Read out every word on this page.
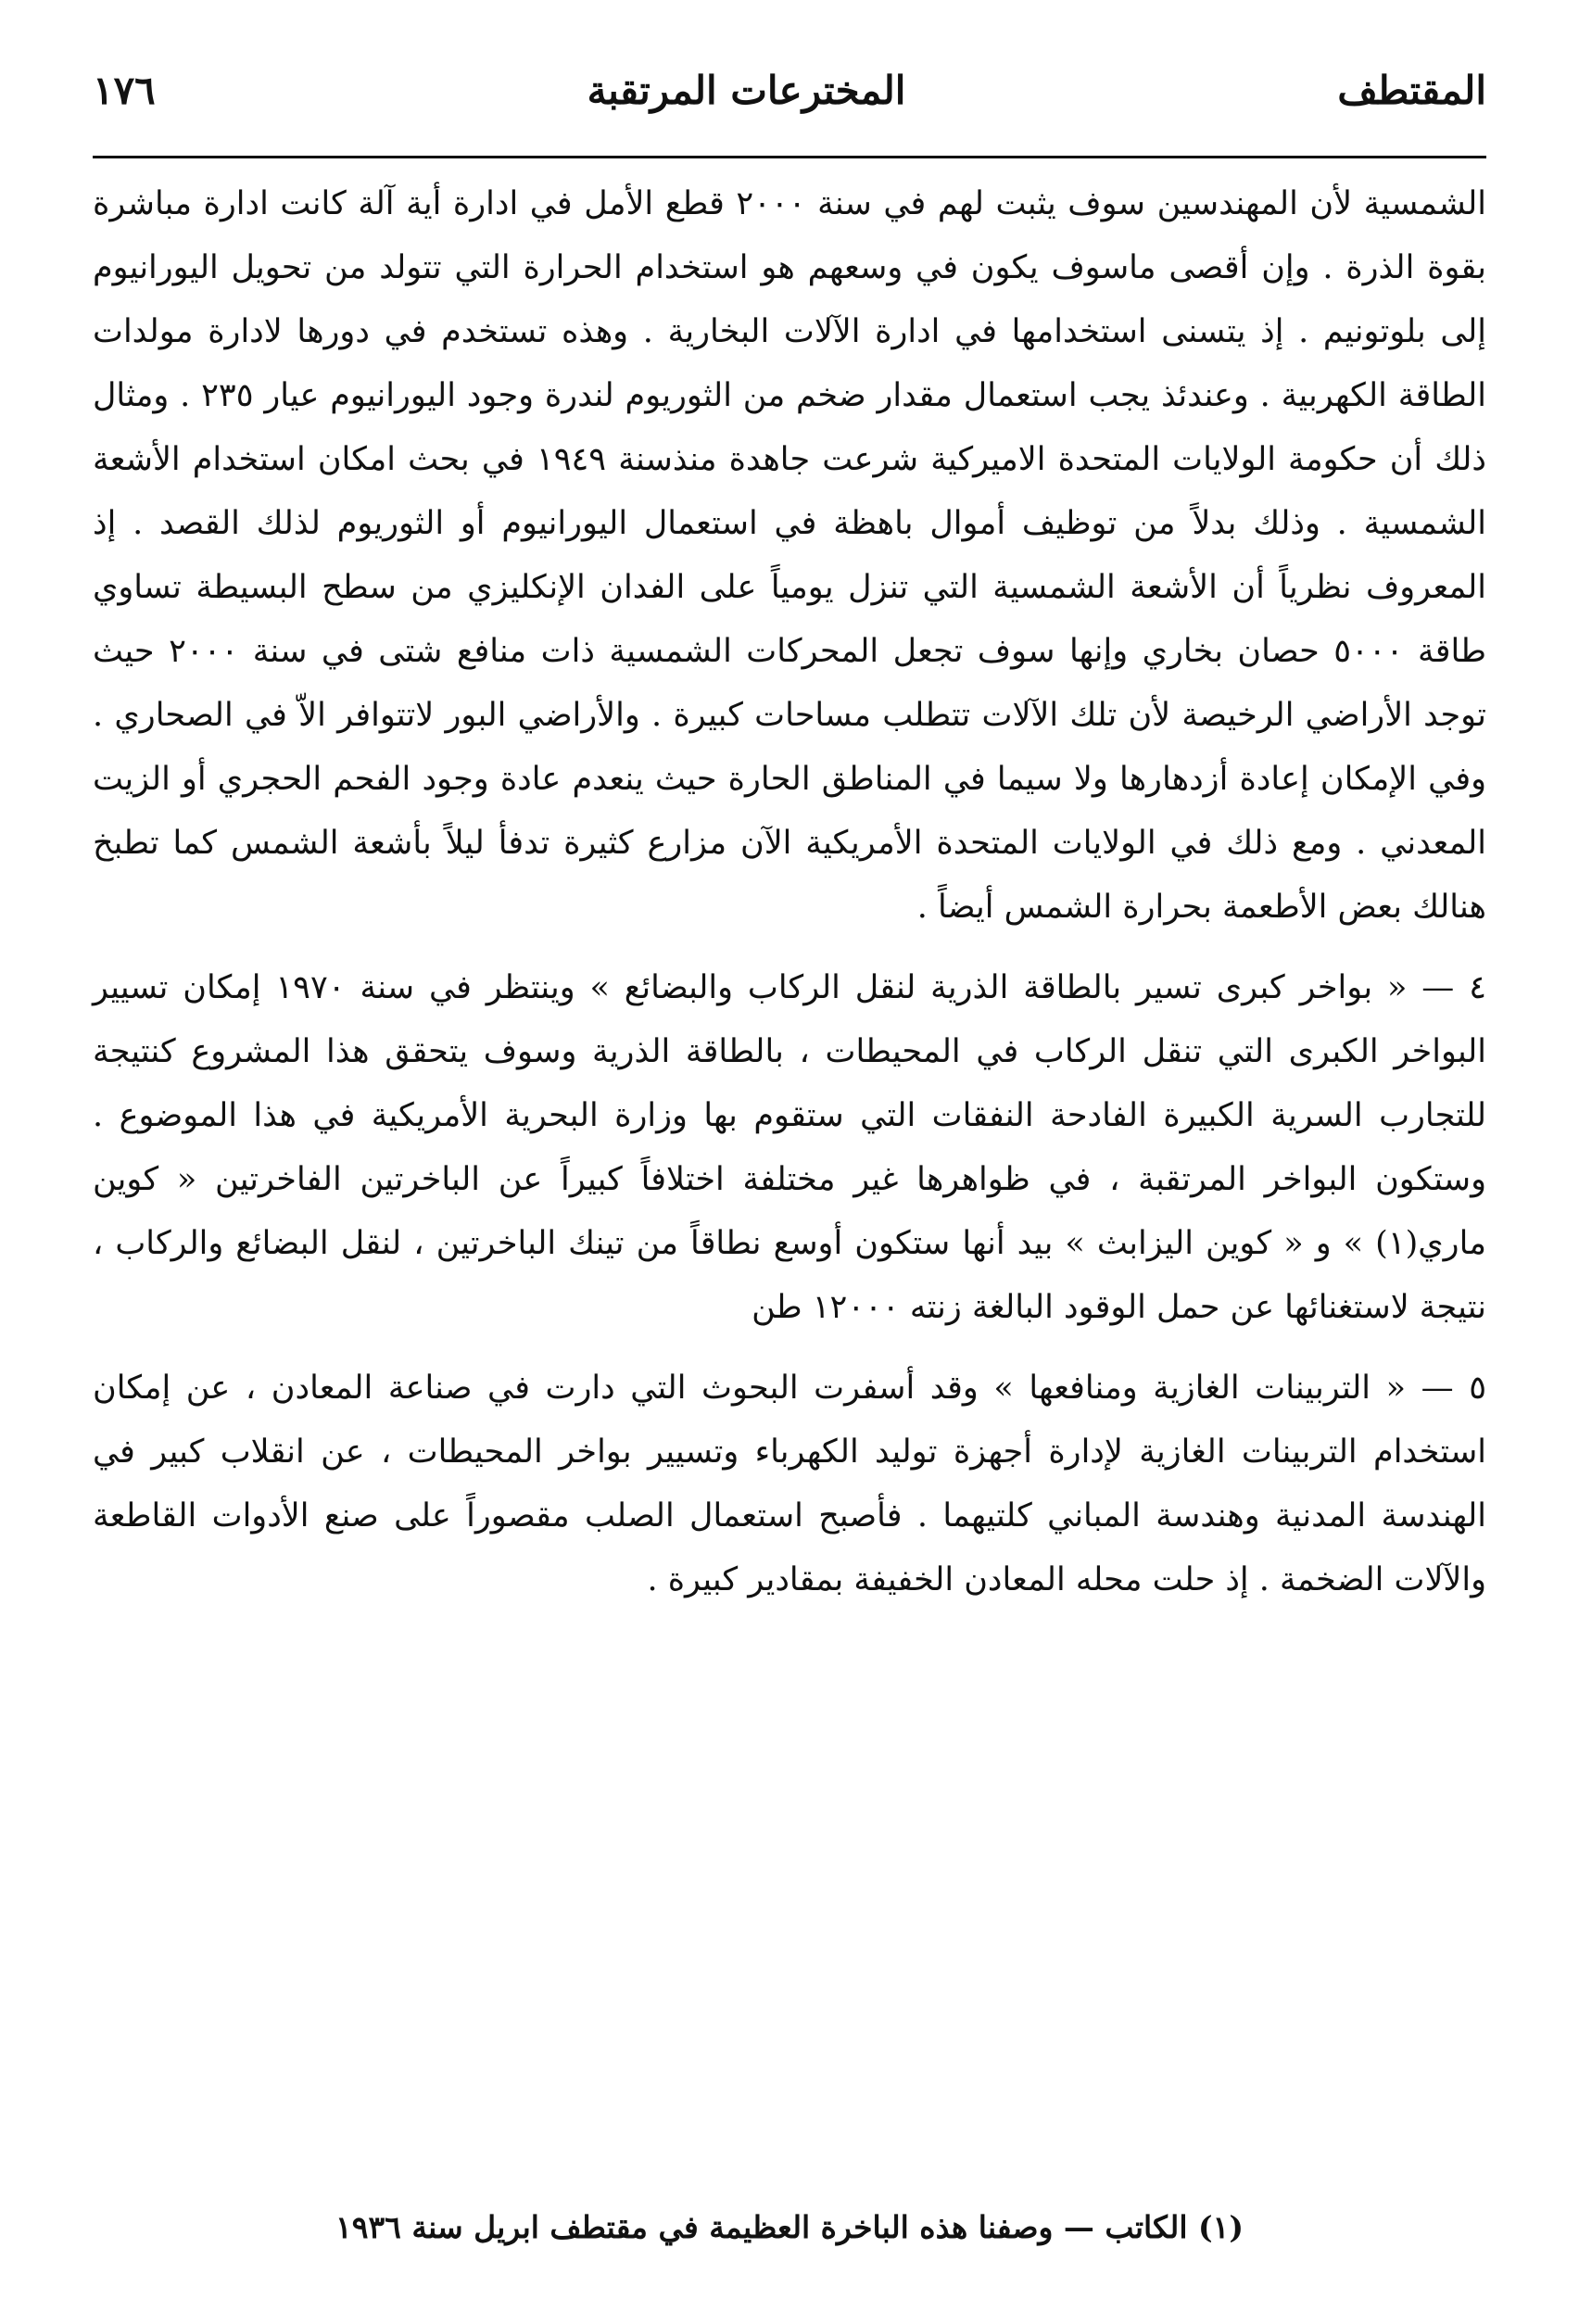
المقتطف
المخترعات المرتقبة
١٧٦

الشمسية لأن المهندسين سوف يثبت لهم في سنة ٢٠٠٠ قطع الأمل في ادارة أية آلة كانت ادارة مباشرة بقوة الذرة . وإن أقصى ماسوف يكون في وسعهم هو استخدام الحرارة التي تتولد من تحويل اليورانيوم إلى بلوتونيم . إذ يتسنى استخدامها في ادارة الآلات البخارية . وهذه تستخدم في دورها لادارة مولدات الطاقة الكهربية . وعندئذ يجب استعمال مقدار ضخم من الثوريوم لندرة وجود اليورانيوم عيار ٢٣٥ . ومثال ذلك أن حكومة الولايات المتحدة الاميركية شرعت جاهدة منذسنة ١٩٤٩ في بحث امكان استخدام الأشعة الشمسية . وذلك بدلاً من توظيف أموال باهظة في استعمال اليورانيوم أو الثوريوم لذلك القصد . إذ المعروف نظرياً أن الأشعة الشمسية التي تنزل يومياً على الفدان الإنكليزي من سطح البسيطة تساوي طاقة ٥٠٠٠ حصان بخاري وإنها سوف تجعل المحركات الشمسية ذات منافع شتى في سنة ٢٠٠٠ حيث توجد الأراضي الرخيصة لأن تلك الآلات تتطلب مساحات كبيرة . والأراضي البور لاتتوافر الاّ في الصحاري . وفي الإمكان إعادة أزدهارها ولا سيما في المناطق الحارة حيث ينعدم عادة وجود الفحم الحجري أو الزيت المعدني . ومع ذلك في الولايات المتحدة الأمريكية الآن مزارع كثيرة تدفأ ليلاً بأشعة الشمس كما تطبخ هنالك بعض الأطعمة بحرارة الشمس أيضاً .

٤ — « بواخر كبرى تسير بالطاقة الذرية لنقل الركاب والبضائع » وينتظر في سنة ١٩٧٠ إمكان تسيير البواخر الكبرى التي تنقل الركاب في المحيطات ، بالطاقة الذرية وسوف يتحقق هذا المشروع كنتيجة للتجارب السرية الكبيرة الفادحة النفقات التي ستقوم بها وزارة البحرية الأمريكية في هذا الموضوع . وستكون البواخر المرتقبة ، في ظواهرها غير مختلفة اختلافاً كبيراً عن الباخرتين الفاخرتين « كوين ماري(١) » و « كوين اليزابث » بيد أنها ستكون أوسع نطاقاً من تينك الباخرتين ، لنقل البضائع والركاب ، نتيجة لاستغنائها عن حمل الوقود البالغة زنته ١٢٠٠٠ طن

٥ — « التربينات الغازية ومنافعها » وقد أسفرت البحوث التي دارت في صناعة المعادن ، عن إمكان استخدام التربينات الغازية لإدارة أجهزة توليد الكهرباء وتسيير بواخر المحيطات ، عن انقلاب كبير في الهندسة المدنية وهندسة المباني كلتيهما . فأصبح استعمال الصلب مقصوراً على صنع الأدوات القاطعة والآلات الضخمة . إذ حلت محله المعادن الخفيفة بمقادير كبيرة .

(١) الكاتب — وصفنا هذه الباخرة العظيمة في مقتطف ابريل سنة ١٩٣٦
